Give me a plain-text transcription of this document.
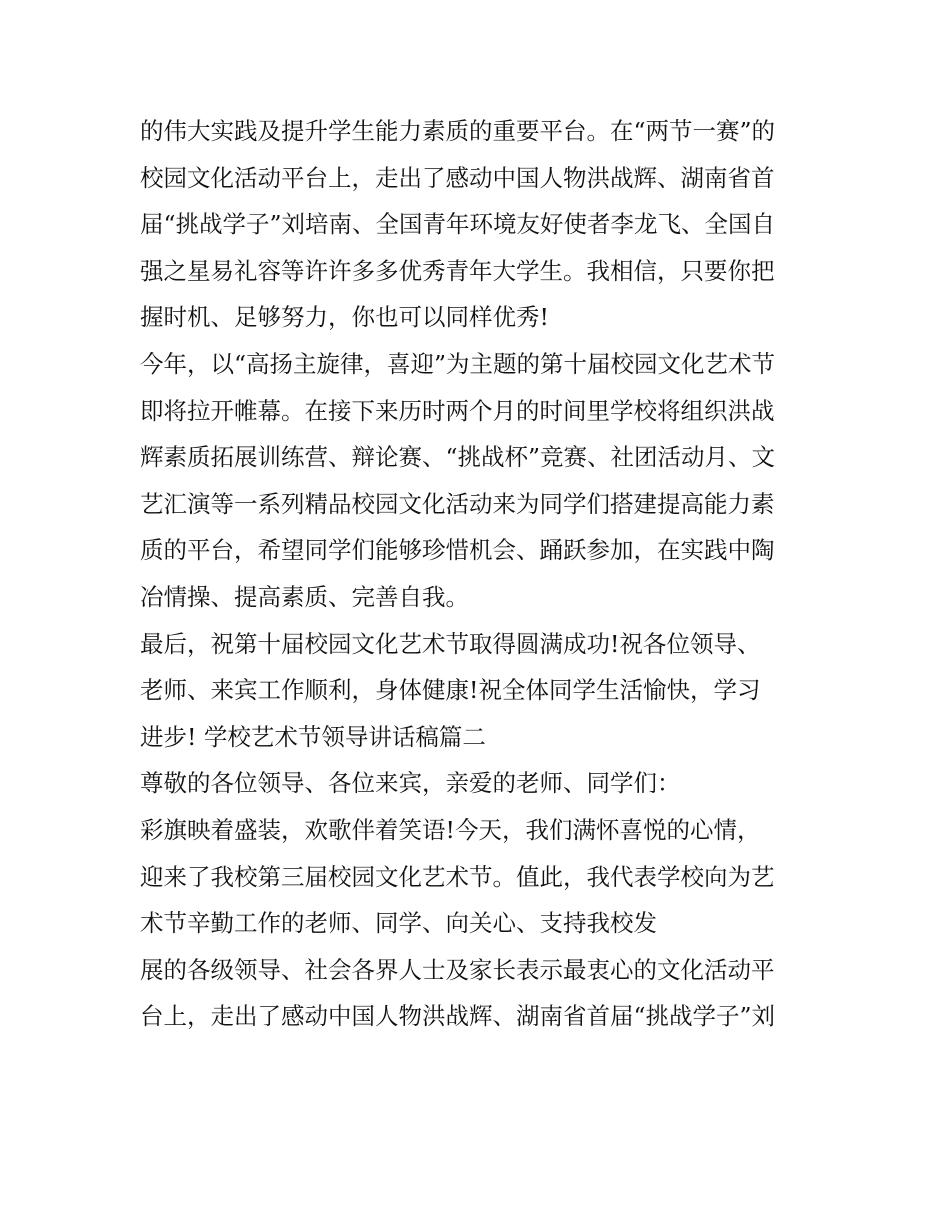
的伟大实践及提升学生能力素质的重要平台。在“两节一赛”的
校园文化活动平台上，走出了感动中国人物洪战辉、湖南省首
届“挑战学子”刘培南、全国青年环境友好使者李龙飞、全国自
强之星易礼容等许许多多优秀青年大学生。我相信，只要你把
握时机、足够努力，你也可以同样优秀!
今年，以“高扬主旋律，喜迎”为主题的第十届校园文化艺术节
即将拉开帷幕。在接下来历时两个月的时间里学校将组织洪战
辉素质拓展训练营、辩论赛、“挑战杯”竞赛、社团活动月、文
艺汇演等一系列精品校园文化活动来为同学们搭建提高能力素
质的平台，希望同学们能够珍惜机会、踊跃参加，在实践中陶
冶情操、提高素质、完善自我。
最后，祝第十届校园文化艺术节取得圆满成功!祝各位领导、
老师、来宾工作顺利，身体健康!祝全体同学生活愉快，学习
进步! 学校艺术节领导讲话稿篇二
尊敬的各位领导、各位来宾，亲爱的老师、同学们：
彩旗映着盛装，欢歌伴着笑语!今天，我们满怀喜悦的心情，
迎来了我校第三届校园文化艺术节。值此，我代表学校向为艺
术节辛勤工作的老师、同学、向关心、支持我校发
展的各级领导、社会各界人士及家长表示最衷心的文化活动平
台上，走出了感动中国人物洪战辉、湖南省首届“挑战学子”刘
